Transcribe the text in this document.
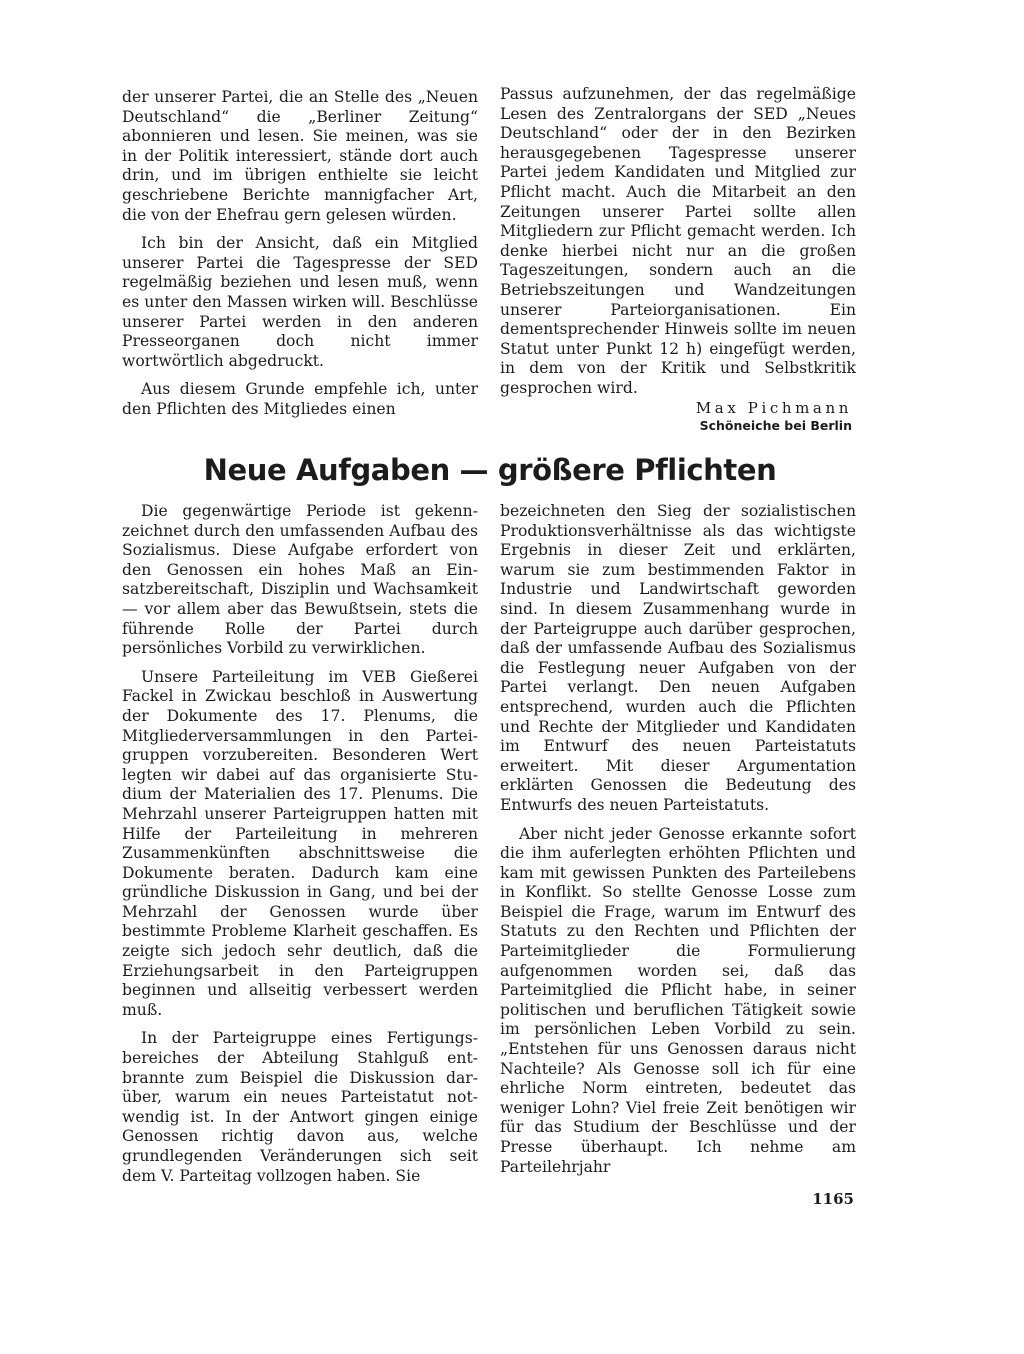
der unserer Partei, die an Stelle des „Neuen Deutschland“ die „Berliner Zeitung“ abonnieren und lesen. Sie meinen, was sie in der Politik interessiert, stände dort auch drin, und im übrigen enthielte sie leicht geschriebene Berichte mannigfacher Art, die von der Ehefrau gern gelesen würden.

Ich bin der Ansicht, daß ein Mitglied unserer Partei die Tagespresse der SED regelmäßig beziehen und lesen muß, wenn es unter den Massen wirken will. Beschlüsse unserer Partei werden in den anderen Presseorganen doch nicht immer wortwörtlich abgedruckt.

Aus diesem Grunde empfehle ich, unter den Pflichten des Mitgliedes einen

Passus aufzunehmen, der das regelmäßige Lesen des Zentralorgans der SED „Neues Deutschland“ oder der in den Bezirken herausgegebenen Tagespresse unserer Partei jedem Kandidaten und Mitglied zur Pflicht macht. Auch die Mitarbeit an den Zeitungen unserer Partei sollte allen Mitgliedern zur Pflicht gemacht werden. Ich denke hierbei nicht nur an die großen Tageszeitungen, sondern auch an die Betriebszeitungen und Wandzeitungen unserer Parteiorganisationen. Ein dementsprechender Hinweis sollte im neuen Statut unter Punkt 12 h) eingefügt werden, in dem von der Kritik und Selbstkritik gesprochen wird.

Max Pichmann
Schöneiche bei Berlin
Neue Aufgaben — größere Pflichten

Die gegenwärtige Periode ist gekennzeichnet durch den umfassenden Aufbau des Sozialismus. Diese Aufgabe erfordert von den Genossen ein hohes Maß an Einsatzbereitschaft, Disziplin und Wachsamkeit — vor allem aber das Bewußtsein, stets die führende Rolle der Partei durch persönliches Vorbild zu verwirklichen.

Unsere Parteileitung im VEB Gießerei Fackel in Zwickau beschloß in Auswertung der Dokumente des 17. Plenums, die Mitgliederversammlungen in den Parteigruppen vorzubereiten. Besonderen Wert legten wir dabei auf das organisierte Studium der Materialien des 17. Plenums. Die Mehrzahl unserer Parteigruppen hatten mit Hilfe der Parteileitung in mehreren Zusammenkünften abschnittsweise die Dokumente beraten. Dadurch kam eine gründliche Diskussion in Gang, und bei der Mehrzahl der Genossen wurde über bestimmte Probleme Klarheit geschaffen. Es zeigte sich jedoch sehr deutlich, daß die Erziehungsarbeit in den Parteigruppen beginnen und allseitig verbessert werden muß.

In der Parteigruppe eines Fertigungsbereiches der Abteilung Stahlguß entbrannte zum Beispiel die Diskussion darüber, warum ein neues Parteistatut notwendig ist. In der Antwort gingen einige Genossen richtig davon aus, welche grundlegenden Veränderungen sich seit dem V. Parteitag vollzogen haben. Sie

bezeichneten den Sieg der sozialistischen Produktionsverhältnisse als das wichtigste Ergebnis in dieser Zeit und erklärten, warum sie zum bestimmenden Faktor in Industrie und Landwirtschaft geworden sind. In diesem Zusammenhang wurde in der Parteigruppe auch darüber gesprochen, daß der umfassende Aufbau des Sozialismus die Festlegung neuer Aufgaben von der Partei verlangt. Den neuen Aufgaben entsprechend, wurden auch die Pflichten und Rechte der Mitglieder und Kandidaten im Entwurf des neuen Parteistatuts erweitert. Mit dieser Argumentation erklärten Genossen die Bedeutung des Entwurfs des neuen Parteistatuts.

Aber nicht jeder Genosse erkannte sofort die ihm auferlegten erhöhten Pflichten und kam mit gewissen Punkten des Parteilebens in Konflikt. So stellte Genosse Losse zum Beispiel die Frage, warum im Entwurf des Statuts zu den Rechten und Pflichten der Parteimitglieder die Formulierung aufgenommen worden sei, daß das Parteimitglied die Pflicht habe, in seiner politischen und beruflichen Tätigkeit sowie im persönlichen Leben Vorbild zu sein. „Entstehen für uns Genossen daraus nicht Nachteile? Als Genosse soll ich für eine ehrliche Norm eintreten, bedeutet das weniger Lohn? Viel freie Zeit benötigen wir für das Studium der Beschlüsse und der Presse überhaupt. Ich nehme am Parteilehrjahr

1165
